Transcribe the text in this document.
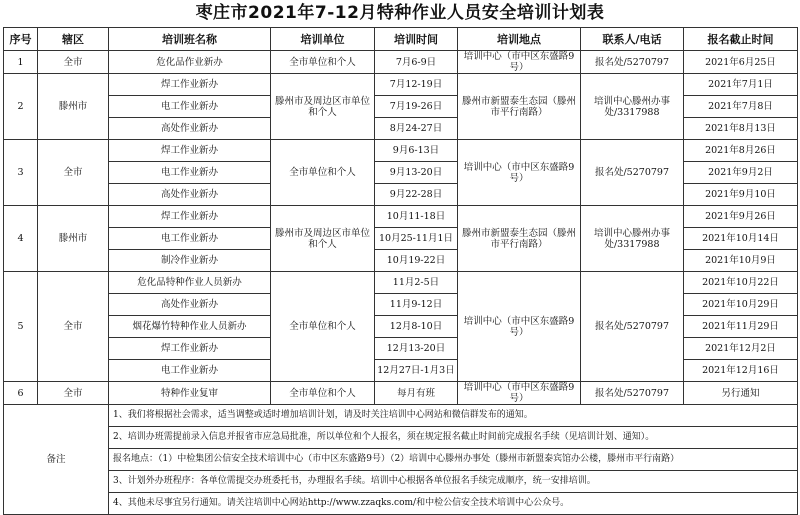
枣庄市2021年7-12月特种作业人员安全培训计划表
序号	辖区	培训班名称	培训单位	培训时间	培训地点	联系人/电话	报名截止时间
1	全市	危化品作业新办	全市单位和个人	7月6-9日	培训中心（市中区东盛路9号）	报名处/5270797	2021年6月25日
2	滕州市	焊工作业新办	滕州市及周边区市单位和个人	7月12-19日	滕州市新盟泰生态园（滕州市平行南路）	培训中心滕州办事处/3317988	2021年7月1日
		电工作业新办		7月19-26日			2021年7月8日
		高处作业新办		8月24-27日			2021年8月13日
3	全市	焊工作业新办	全市单位和个人	9月6-13日	培训中心（市中区东盛路9号）	报名处/5270797	2021年8月26日
		电工作业新办		9月13-20日			2021年9月2日
		高处作业新办		9月22-28日			2021年9月10日
4	滕州市	焊工作业新办	滕州市及周边区市单位和个人	10月11-18日	滕州市新盟泰生态园（滕州市平行南路）	培训中心滕州办事处/3317988	2021年9月26日
		电工作业新办		10月25-11月1日			2021年10月14日
		制冷作业新办		10月19-22日			2021年10月9日
5	全市	危化品特种作业人员新办	全市单位和个人	11月2-5日	培训中心（市中区东盛路9号）	报名处/5270797	2021年10月22日
		高处作业新办		11月9-12日			2021年10月29日
		烟花爆竹特种作业人员新办		12月8-10日			2021年11月29日
		焊工作业新办		12月13-20日			2021年12月2日
		电工作业新办		12月27日-1月3日			2021年12月16日
6	全市	特种作业复审	全市单位和个人	每月有班	培训中心（市中区东盛路9号）	报名处/5270797	另行通知
备注		1、我们将根据社会需求，适当调整或适时增加培训计划，请及时关注培训中心网站和微信群发布的通知。					
		2、培训办班需提前录入信息并报省市应急局批准，所以单位和个人报名，须在规定报名截止时间前完成报名手续（见培训计划、通知）。					
		报名地点：（1）中检集团公信安全技术培训中心（市中区东盛路9号）（2）培训中心滕州办事处（滕州市新盟泰宾馆办公楼，滕州市平行南路）					
		3、计划外办班程序：各单位需提交办班委托书，办理报名手续。培训中心根据各单位报名手续完成顺序，统一安排培训。					
		4、其他未尽事宜另行通知。请关注培训中心网站http://www.zzaqks.com/和中检公信安全技术培训中心公众号。					
